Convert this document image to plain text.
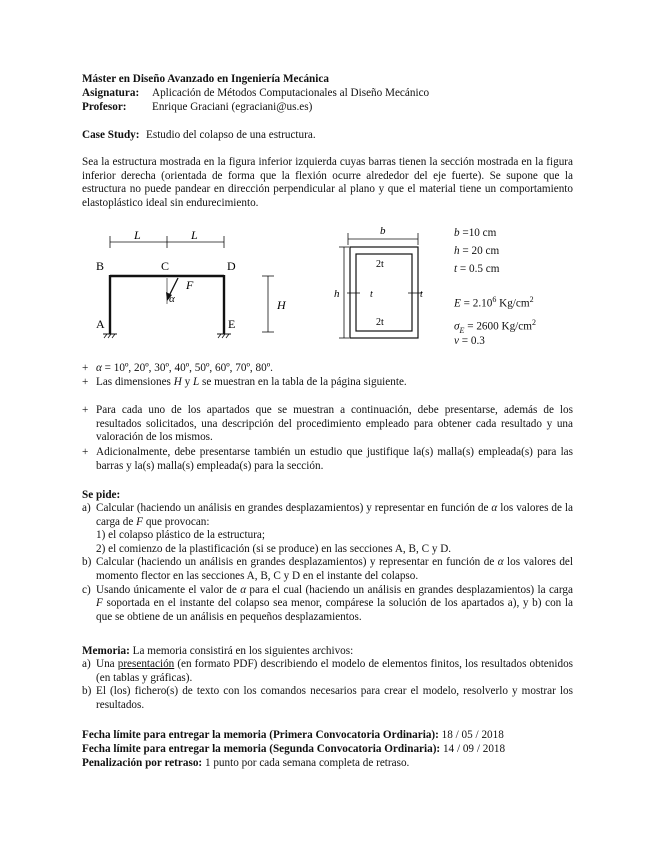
Máster en Diseño Avanzado en Ingeniería Mecánica
Asignatura: Aplicación de Métodos Computacionales al Diseño Mecánico
Profesor: Enrique Graciani (egraciani@us.es)
Case Study: Estudio del colapso de una estructura.
Sea la estructura mostrada en la figura inferior izquierda cuyas barras tienen la sección mostrada en la figura inferior derecha (orientada de forma que la flexión ocurre alrededor del eje fuerte). Se supone que la estructura no puede pandear en dirección perpendicular al plano y que el material tiene un comportamiento elastoplástico ideal sin endurecimiento.
L	L
B	C	D
A	E
F
α	H
b
h
2t
2t
t	t
b =10 cm
h = 20 cm
t = 0.5 cm
$E = 2.10^6$ $Kg/cm^2$
$\sigma_E = 2600$ $Kg/cm^2$
ν = 0.3
+ α = 10º, 20º, 30º, 40º, 50º, 60º, 70º, 80º.
+ Las dimensiones H y L se muestran en la tabla de la página siguiente.
+ Para cada uno de los apartados que se muestran a continuación, debe presentarse, además de los resultados solicitados, una descripción del procedimiento empleado para obtener cada resultado y una valoración de los mismos.
+ Adicionalmente, debe presentarse también un estudio que justifique la(s) malla(s) empleada(s) para las barras y la(s) malla(s) empleada(s) para la sección.
Se pide:
a) Calcular (haciendo un análisis en grandes desplazamientos) y representar en función de α los valores de la carga de F que provocan:
1) el colapso plástico de la estructura;
2) el comienzo de la plastificación (si se produce) en las secciones A, B, C y D.
b) Calcular (haciendo un análisis en grandes desplazamientos) y representar en función de α los valores del momento flector en las secciones A, B, C y D en el instante del colapso.
c) Usando únicamente el valor de α para el cual (haciendo un análisis en grandes desplazamientos) la carga F soportada en el instante del colapso sea menor, compárese la solución de los apartados a), y b) con la que se obtiene de un análisis en pequeños desplazamientos.
Memoria: La memoria consistirá en los siguientes archivos:
a) Una presentación (en formato PDF) describiendo el modelo de elementos finitos, los resultados obtenidos (en tablas y gráficas).
b) El (los) fichero(s) de texto con los comandos necesarios para crear el modelo, resolverlo y mostrar los resultados.
Fecha límite para entregar la memoria (Primera Convocatoria Ordinaria): 18 / 05 / 2018
Fecha límite para entregar la memoria (Segunda Convocatoria Ordinaria): 14 / 09 / 2018
Penalización por retraso: 1 punto por cada semana completa de retraso.
